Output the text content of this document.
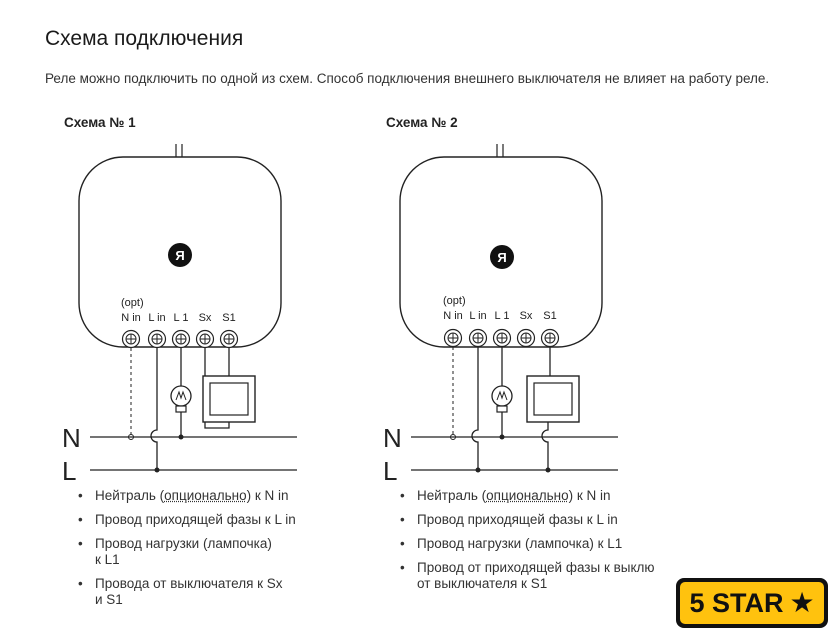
Схема подключения
Реле можно подключить по одной из схем. Способ подключения внешнего выключателя не влияет на работу реле.
Схема № 1	Схема № 2
Я
(opt)
N in L in L 1 Sx S1
N
L
Я
(opt)
N in L in L 1 Sx S1
N
L
• Нейтраль (опционально) к N in
• Провод приходящей фазы к L in
• Провод нагрузки (лампочка)
к L1
• Провода от выключателя к Sx
и S1
• Нейтраль (опционально) к N in
• Провод приходящей фазы к L in
• Провод нагрузки (лампочка) к L1
• Провод от приходящей фазы к выклю
от выключателя к S1
5 STAR ★
